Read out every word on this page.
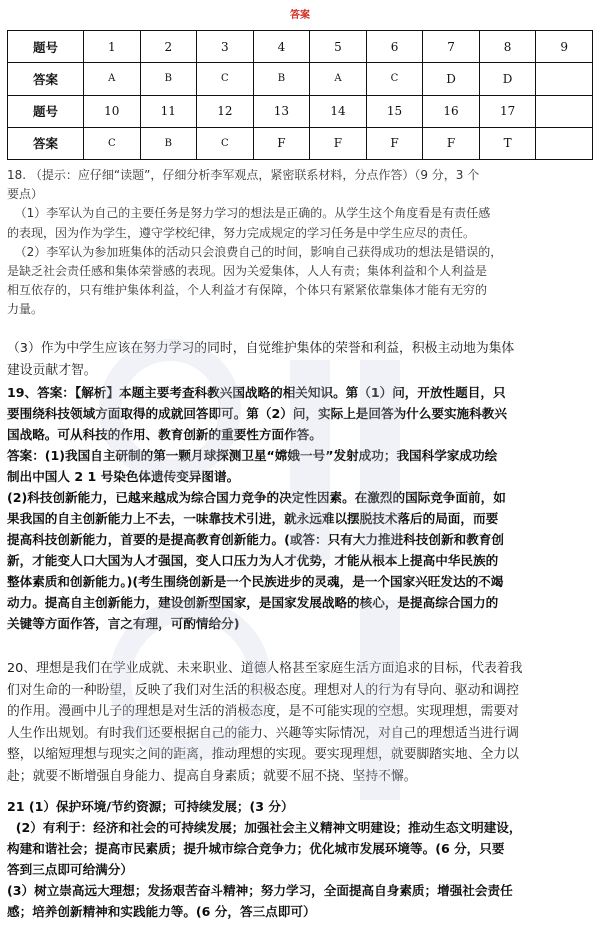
答案
题号	1	2	3	4	5	6	7	8	9
答案	A	B	C	B	A	C	D	D	
题号	10	11	12	13	14	15	16	17	
答案	C	B	C	F	F	F	F	T	

18. （提示：应仔细“读题”，仔细分析李军观点，紧密联系材料，分点作答）（9 分，3 个

要点）

（1）李军认为自己的主要任务是努力学习的想法是正确的。从学生这个角度看是有责任感

的表现，因为作为学生，遵守学校纪律，努力完成规定的学习任务是中学生应尽的责任。

（2）李军认为参加班集体的活动只会浪费自己的时间，影响自己获得成功的想法是错误的，

是缺乏社会责任感和集体荣誉感的表现。因为关爱集体，人人有责；集体利益和个人利益是

相互依存的，只有维护集体利益，个人利益才有保障，个体只有紧紧依靠集体才能有无穷的

力量。

（3）作为中学生应该在努力学习的同时，自觉维护集体的荣誉和利益，积极主动地为集体
建设贡献才智。

19、答案：【解析】本题主要考查科教兴国战略的相关知识。第（1）问，开放性题目，只
要围绕科技领域方面取得的成就回答即可。第（2）问，实际上是回答为什么要实施科教兴
国战略。可从科技的作用、教育创新的重要性方面作答。
答案：(1)我国自主研制的第一颗月球探测卫星“嫦娥一号”发射成功；我国科学家成功绘
制出中国人 2 1 号染色体遗传变异图谱。
(2)科技创新能力，已越来越成为综合国力竞争的决定性因素。在激烈的国际竞争面前，如
果我国的自主创新能力上不去，一味靠技术引进，就永远难以摆脱技术落后的局面，而要
提高科技创新能力，首要的是提高教育创新能力。(或答：只有大力推进科技创新和教育创
新，才能变人口大国为人才强国，变人口压力为人才优势，才能从根本上提高中华民族的
整体素质和创新能力。)(考生围绕创新是一个民族进步的灵魂，是一个国家兴旺发达的不竭
动力。提高自主创新能力，建设创新型国家，是国家发展战略的核心，是提高综合国力的
关键等方面作答，言之有理，可酌情给分)

20、理想是我们在学业成就、未来职业、道德人格甚至家庭生活方面追求的目标，代表着我
们对生命的一种盼望，反映了我们对生活的积极态度。理想对人的行为有导向、驱动和调控
的作用。漫画中儿子的理想是对生活的消极态度，是不可能实现的空想。实现理想，需要对
人生作出规划。有时我们还要根据自己的能力、兴趣等实际情况，对自己的理想适当进行调
整，以缩短理想与现实之间的距离，推动理想的实现。要实现理想，就要脚踏实地、全力以
赴；就要不断增强自身能力、提高自身素质；就要不屈不挠、坚持不懈。

21 (1）保护环境/节约资源；可持续发展；(3 分）
(2）有利于：经济和社会的可持续发展；加强社会主义精神文明建设；推动生态文明建设，
构建和谐社会；提高市民素质；提升城市综合竞争力；优化城市发展环境等。(6 分，只要
答到三点即可给满分）
(3）树立崇高远大理想；发扬艰苦奋斗精神；努力学习，全面提高自身素质；增强社会责任
感；培养创新精神和实践能力等。(6 分，答三点即可）
